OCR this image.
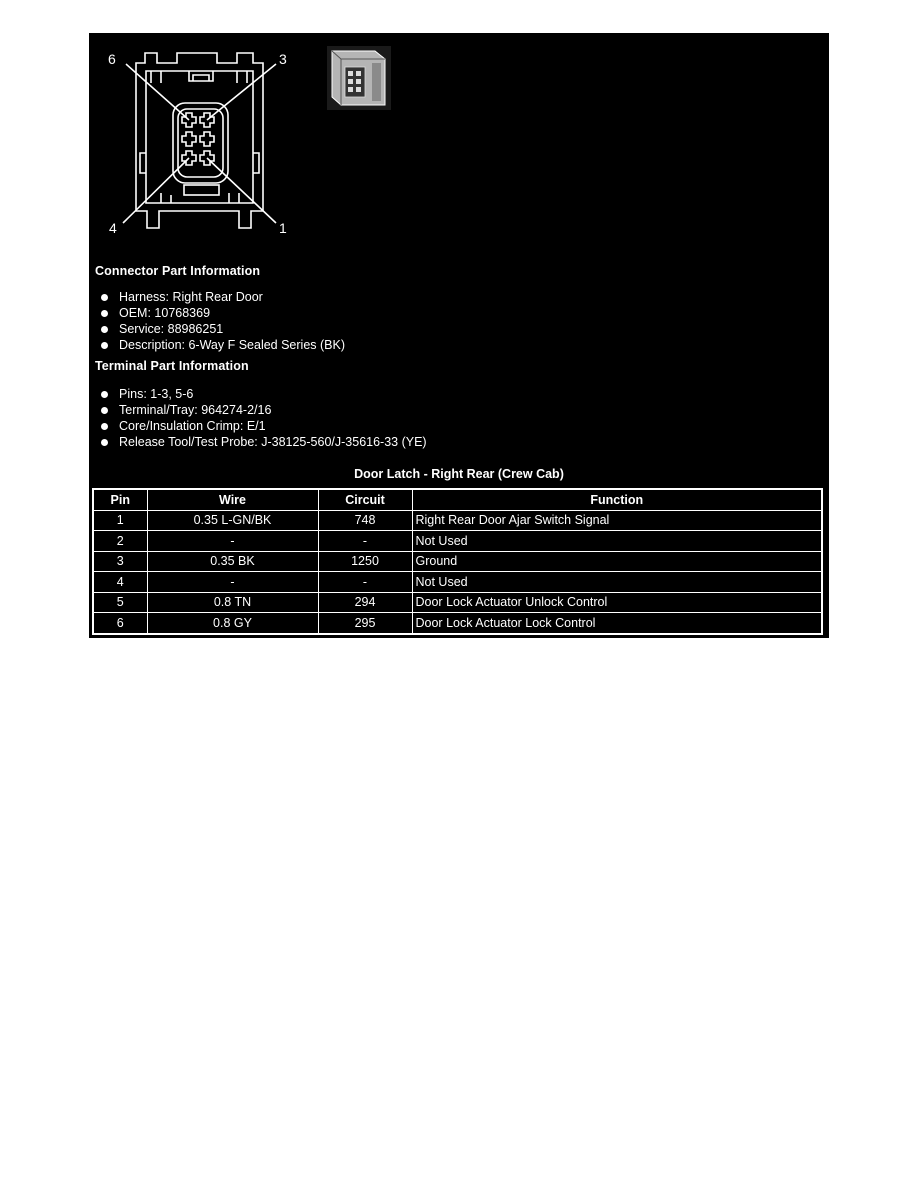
6	3
4	1
Connector Part Information
Harness: Right Rear Door
OEM: 10768369
Service: 88986251
Description: 6-Way F Sealed Series (BK)
Terminal Part Information
Pins: 1-3, 5-6
Terminal/Tray: 964274-2/16
Core/Insulation Crimp: E/1
Release Tool/Test Probe: J-38125-560/J-35616-33 (YE)
Door Latch - Right Rear (Crew Cab)
Pin	Wire	Circuit	Function
1	0.35 L-GN/BK	748	Right Rear Door Ajar Switch Signal
2	-	-	Not Used
3	0.35 BK	1250	Ground
4	-	-	Not Used
5	0.8 TN	294	Door Lock Actuator Unlock Control
6	0.8 GY	295	Door Lock Actuator Lock Control
